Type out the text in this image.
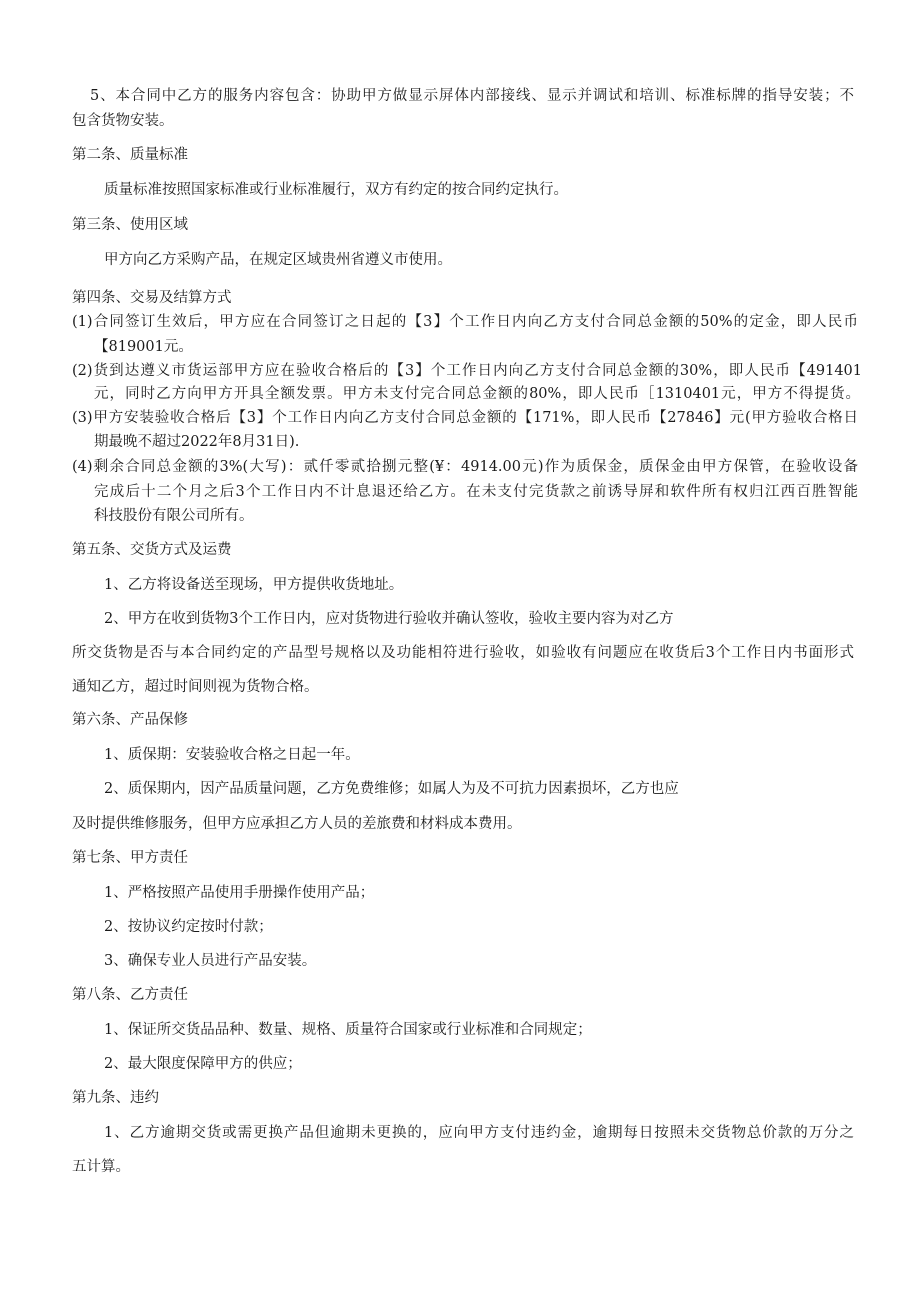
5、本合同中乙方的服务内容包含：协助甲方做显示屏体内部接线、显示并调试和培训、标准标牌的指导安装；不
包含货物安装。
第二条、质量标准
质量标准按照国家标准或行业标准履行，双方有约定的按合同约定执行。
第三条、使用区域
甲方向乙方采购产品，在规定区域贵州省遵义市使用。
第四条、交易及结算方式
(1)合同签订生效后，甲方应在合同签订之日起的【3】个工作日内向乙方支付合同总金额的50%的定金，即人民币
【819001元。
(2)货到达遵义市货运部甲方应在验收合格后的【3】个工作日内向乙方支付合同总金额的30%，即人民币【491401
元，同时乙方向甲方开具全额发票。甲方未支付完合同总金额的80%，即人民币［1310401元，甲方不得提货。
(3)甲方安装验收合格后【3】个工作日内向乙方支付合同总金额的【171%，即人民币【27846】元(甲方验收合格日
期最晚不超过2022年8月31日).
(4)剩余合同总金额的3%(大写)：贰仟零贰拾捌元整(¥：4914.00元)作为质保金，质保金由甲方保管，在验收设备
完成后十二个月之后3个工作日内不计息退还给乙方。在未支付完货款之前诱导屏和软件所有权归江西百胜智能
科技股份有限公司所有。
第五条、交货方式及运费
1、乙方将设备送至现场，甲方提供收货地址。
2、甲方在收到货物3个工作日内，应对货物进行验收并确认签收，验收主要内容为对乙方
所交货物是否与本合同约定的产品型号规格以及功能相符进行验收，如验收有问题应在收货后3个工作日内书面形式
通知乙方，超过时间则视为货物合格。
第六条、产品保修
1、质保期：安装验收合格之日起一年。
2、质保期内，因产品质量问题，乙方免费维修；如属人为及不可抗力因素损坏，乙方也应
及时提供维修服务，但甲方应承担乙方人员的差旅费和材料成本费用。
第七条、甲方责任
1、严格按照产品使用手册操作使用产品；
2、按协议约定按时付款；
3、确保专业人员进行产品安装。
第八条、乙方责任
1、保证所交货品品种、数量、规格、质量符合国家或行业标准和合同规定；
2、最大限度保障甲方的供应；
第九条、违约
1、乙方逾期交货或需更换产品但逾期未更换的，应向甲方支付违约金，逾期每日按照未交货物总价款的万分之
五计算。
